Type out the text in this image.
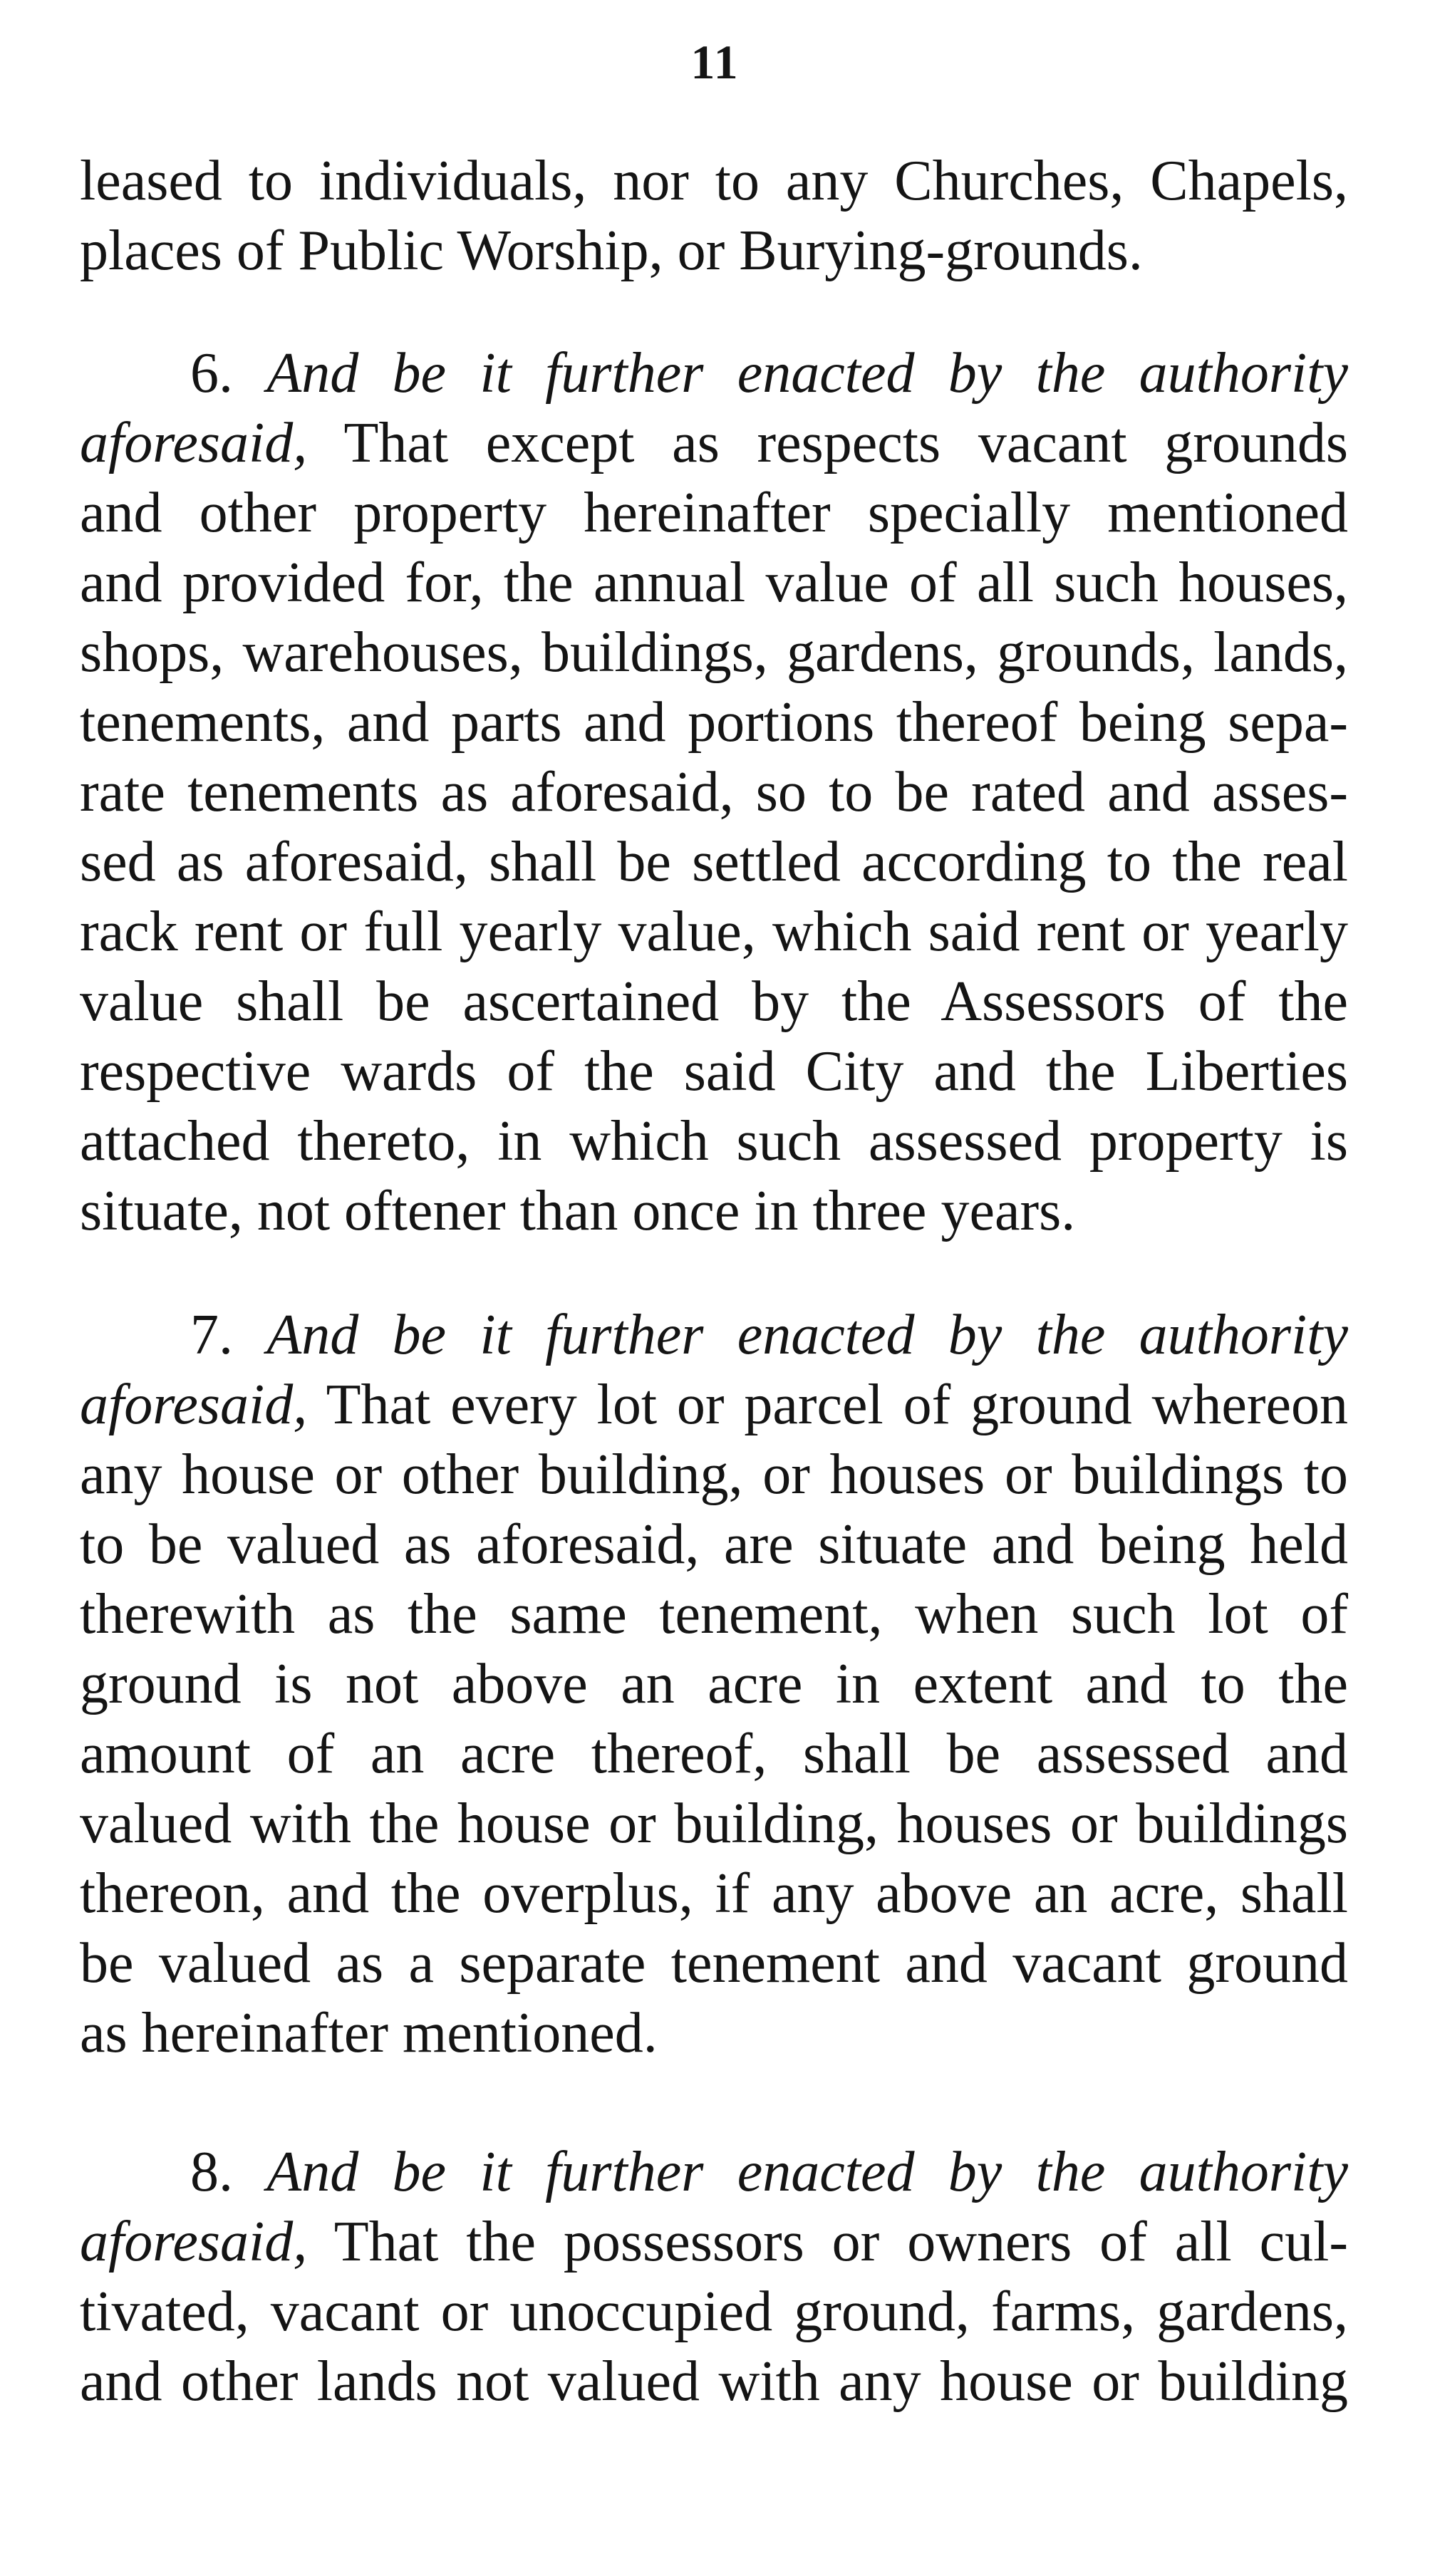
11
leased to individuals, nor to any Churches, Chapels,
places of Public Worship, or Burying-grounds.
6. And be it further enacted by the authority
aforesaid, That except as respects vacant grounds
and other property hereinafter specially mentioned
and provided for, the annual value of all such houses,
shops, warehouses, buildings, gardens, grounds, lands,
tenements, and parts and portions thereof being sepa-
rate tenements as aforesaid, so to be rated and asses-
sed as aforesaid, shall be settled according to the real
rack rent or full yearly value, which said rent or yearly
value shall be ascertained by the Assessors of the
respective wards of the said City and the Liberties
attached thereto, in which such assessed property is
situate, not oftener than once in three years.
7. And be it further enacted by the authority
aforesaid, That every lot or parcel of ground whereon
any house or other building, or houses or buildings to
to be valued as aforesaid, are situate and being held
therewith as the same tenement, when such lot of
ground is not above an acre in extent and to the
amount of an acre thereof, shall be assessed and
valued with the house or building, houses or buildings
thereon, and the overplus, if any above an acre, shall
be valued as a separate tenement and vacant ground
as hereinafter mentioned.
8. And be it further enacted by the authority
aforesaid, That the possessors or owners of all cul-
tivated, vacant or unoccupied ground, farms, gardens,
and other lands not valued with any house or building
